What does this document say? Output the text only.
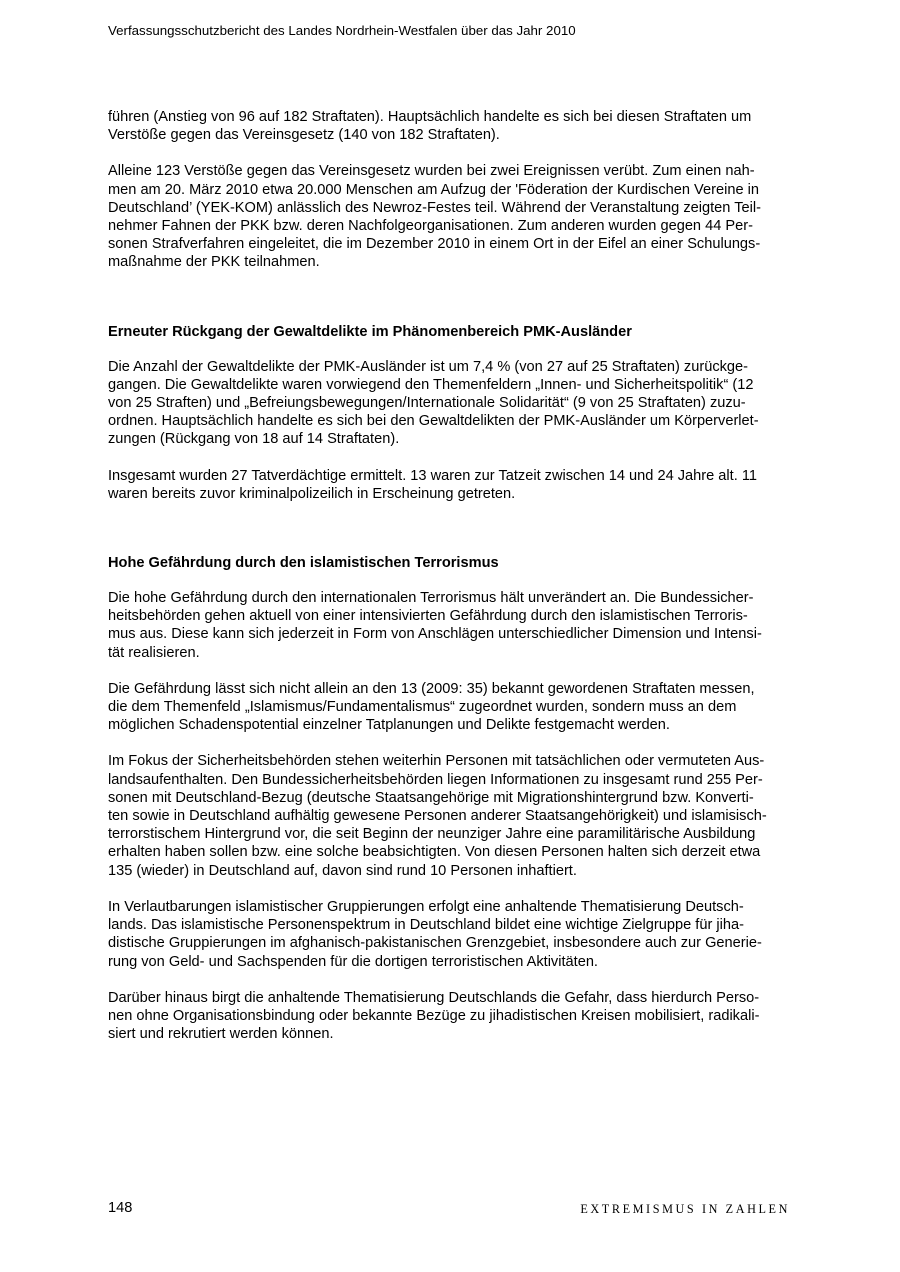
Verfassungsschutzbericht des Landes Nordrhein-Westfalen über das Jahr 2010
führen (Anstieg von 96 auf 182 Straftaten). Hauptsächlich handelte es sich bei diesen Straftaten um
Verstöße gegen das Vereinsgesetz (140 von 182 Straftaten).
Alleine 123 Verstöße gegen das Vereinsgesetz wurden bei zwei Ereignissen verübt. Zum einen nah-
men am 20. März 2010 etwa 20.000 Menschen am Aufzug der 'Föderation der Kurdischen Vereine in
Deutschland’ (YEK-KOM) anlässlich des Newroz-Festes teil. Während der Veranstaltung zeigten Teil-
nehmer Fahnen der PKK bzw. deren Nachfolgeorganisationen. Zum anderen wurden gegen 44 Per-
sonen Strafverfahren eingeleitet, die im Dezember 2010 in einem Ort in der Eifel an einer Schulungs-
maßnahme der PKK teilnahmen.
Erneuter Rückgang der Gewaltdelikte im Phänomenbereich PMK-Ausländer
Die Anzahl der Gewaltdelikte der PMK-Ausländer ist um 7,4 % (von 27 auf 25 Straftaten) zurückge-
gangen. Die Gewaltdelikte waren vorwiegend den Themenfeldern „Innen- und Sicherheitspolitik“ (12
von 25 Straften) und „Befreiungsbewegungen/Internationale Solidarität“ (9 von 25 Straftaten) zuzu-
ordnen. Hauptsächlich handelte es sich bei den Gewaltdelikten der PMK-Ausländer um Körperverlet-
zungen (Rückgang von 18 auf 14 Straftaten).
Insgesamt wurden 27 Tatverdächtige ermittelt. 13 waren zur Tatzeit zwischen 14 und 24 Jahre alt. 11
waren bereits zuvor kriminalpolizeilich in Erscheinung getreten.
Hohe Gefährdung durch den islamistischen Terrorismus
Die hohe Gefährdung durch den internationalen Terrorismus hält unverändert an. Die Bundessicher-
heitsbehörden gehen aktuell von einer intensivierten Gefährdung durch den islamistischen Terroris-
mus aus. Diese kann sich jederzeit in Form von Anschlägen unterschiedlicher Dimension und Intensi-
tät realisieren.
Die Gefährdung lässt sich nicht allein an den 13 (2009: 35) bekannt gewordenen Straftaten messen,
die dem Themenfeld „Islamismus/Fundamentalismus“ zugeordnet wurden, sondern muss an dem
möglichen Schadenspotential einzelner Tatplanungen und Delikte festgemacht werden.
Im Fokus der Sicherheitsbehörden stehen weiterhin Personen mit tatsächlichen oder vermuteten Aus-
landsaufenthalten. Den Bundessicherheitsbehörden liegen Informationen zu insgesamt rund 255 Per-
sonen mit Deutschland-Bezug (deutsche Staatsangehörige mit Migrationshintergrund bzw. Konverti-
ten sowie in Deutschland aufhältig gewesene Personen anderer Staatsangehörigkeit) und islamisisch-
terrorstischem Hintergrund vor, die seit Beginn der neunziger Jahre eine paramilitärische Ausbildung
erhalten haben sollen bzw. eine solche beabsichtigten. Von diesen Personen halten sich derzeit etwa
135 (wieder) in Deutschland auf, davon sind rund 10 Personen inhaftiert.
In Verlautbarungen islamistischer Gruppierungen erfolgt eine anhaltende Thematisierung Deutsch-
lands. Das islamistische Personenspektrum in Deutschland bildet eine wichtige Zielgruppe für jiha-
distische Gruppierungen im afghanisch-pakistanischen Grenzgebiet, insbesondere auch zur Generie-
rung von Geld- und Sachspenden für die dortigen terroristischen Aktivitäten.
Darüber hinaus birgt die anhaltende Thematisierung Deutschlands die Gefahr, dass hierdurch Perso-
nen ohne Organisationsbindung oder bekannte Bezüge zu jihadistischen Kreisen mobilisiert, radikali-
siert und rekrutiert werden können.
148	EXTREMISMUS IN ZAHLEN
